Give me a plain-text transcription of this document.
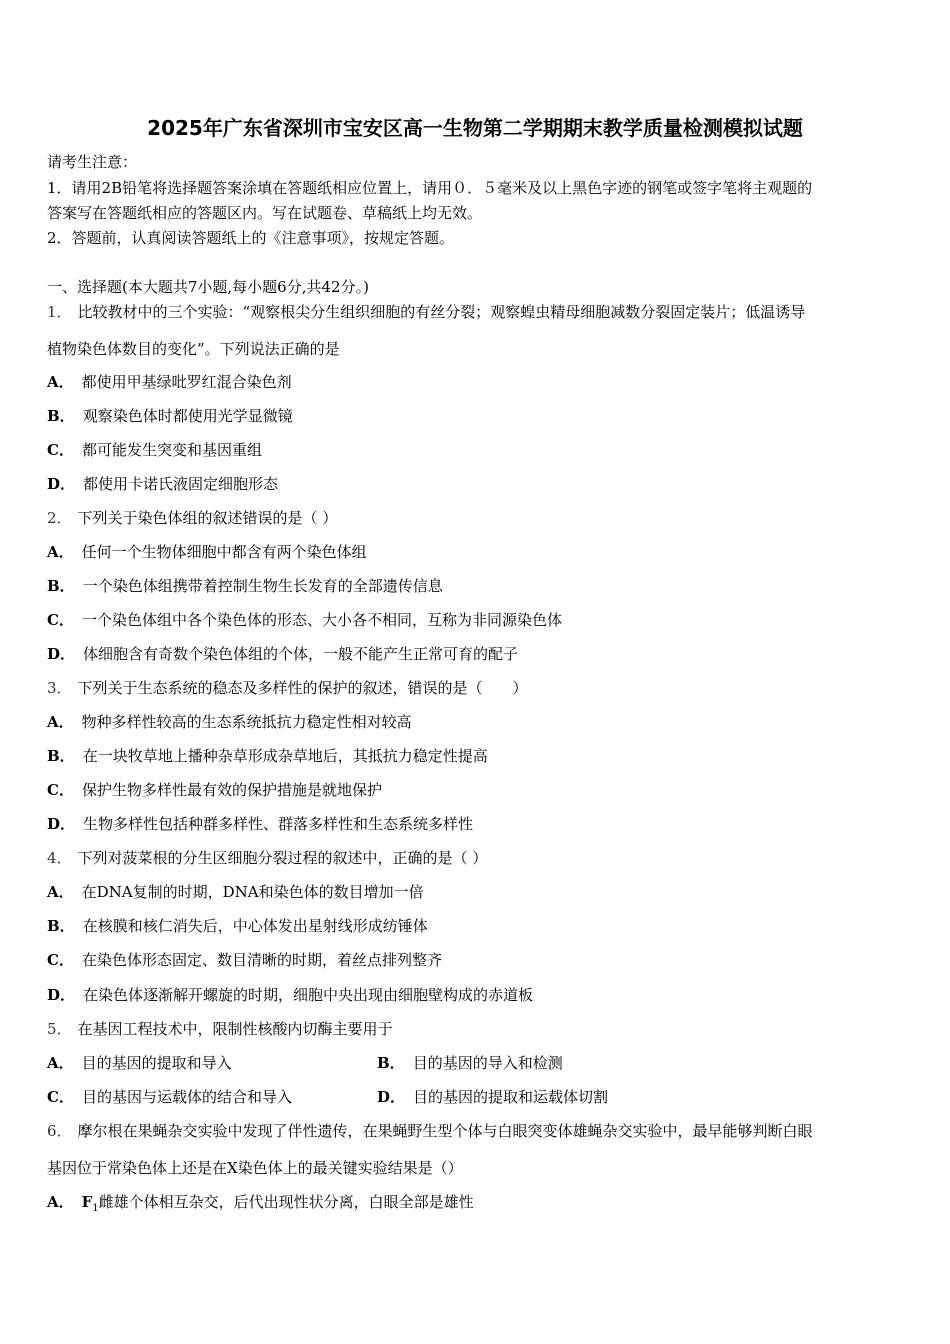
2025年广东省深圳市宝安区高一生物第二学期期末教学质量检测模拟试题
请考生注意：
1．请用2B铅笔将选择题答案涂填在答题纸相应位置上，请用０．５毫米及以上黑色字迹的钢笔或签字笔将主观题的
答案写在答题纸相应的答题区内。写在试题卷、草稿纸上均无效。
2．答题前，认真阅读答题纸上的《注意事项》，按规定答题。
一、选择题(本大题共7小题,每小题6分,共42分。)
1． 比较教材中的三个实验：“观察根尖分生组织细胞的有丝分裂；观察蝗虫精母细胞减数分裂固定装片；低温诱导
植物染色体数目的变化”。下列说法正确的是
A． 都使用甲基绿吡罗红混合染色剂
B． 观察染色体时都使用光学显微镜
C． 都可能发生突变和基因重组
D． 都使用卡诺氏液固定细胞形态
2． 下列关于染色体组的叙述错误的是（ ）
A． 任何一个生物体细胞中都含有两个染色体组
B． 一个染色体组携带着控制生物生长发育的全部遗传信息
C． 一个染色体组中各个染色体的形态、大小各不相同，互称为非同源染色体
D． 体细胞含有奇数个染色体组的个体，一般不能产生正常可育的配子
3． 下列关于生态系统的稳态及多样性的保护的叙述，错误的是（　　）
A． 物种多样性较高的生态系统抵抗力稳定性相对较高
B． 在一块牧草地上播种杂草形成杂草地后，其抵抗力稳定性提高
C． 保护生物多样性最有效的保护措施是就地保护
D． 生物多样性包括种群多样性、群落多样性和生态系统多样性
4． 下列对菠菜根的分生区细胞分裂过程的叙述中，正确的是（ ）
A． 在DNA复制的时期，DNA和染色体的数目增加一倍
B． 在核膜和核仁消失后，中心体发出星射线形成纺锤体
C． 在染色体形态固定、数目清晰的时期，着丝点排列整齐
D． 在染色体逐渐解开螺旋的时期，细胞中央出现由细胞壁构成的赤道板
5． 在基因工程技术中，限制性核酸内切酶主要用于
A． 目的基因的提取和导入	B． 目的基因的导入和检测
C． 目的基因与运载体的结合和导入	D． 目的基因的提取和运载体切割
6． 摩尔根在果蝇杂交实验中发现了伴性遗传，在果蝇野生型个体与白眼突变体雄蝇杂交实验中，最早能够判断白眼
基因位于常染色体上还是在X染色体上的最关键实验结果是（）
A． $F_1$雌雄个体相互杂交，后代出现性状分离，白眼全部是雄性
